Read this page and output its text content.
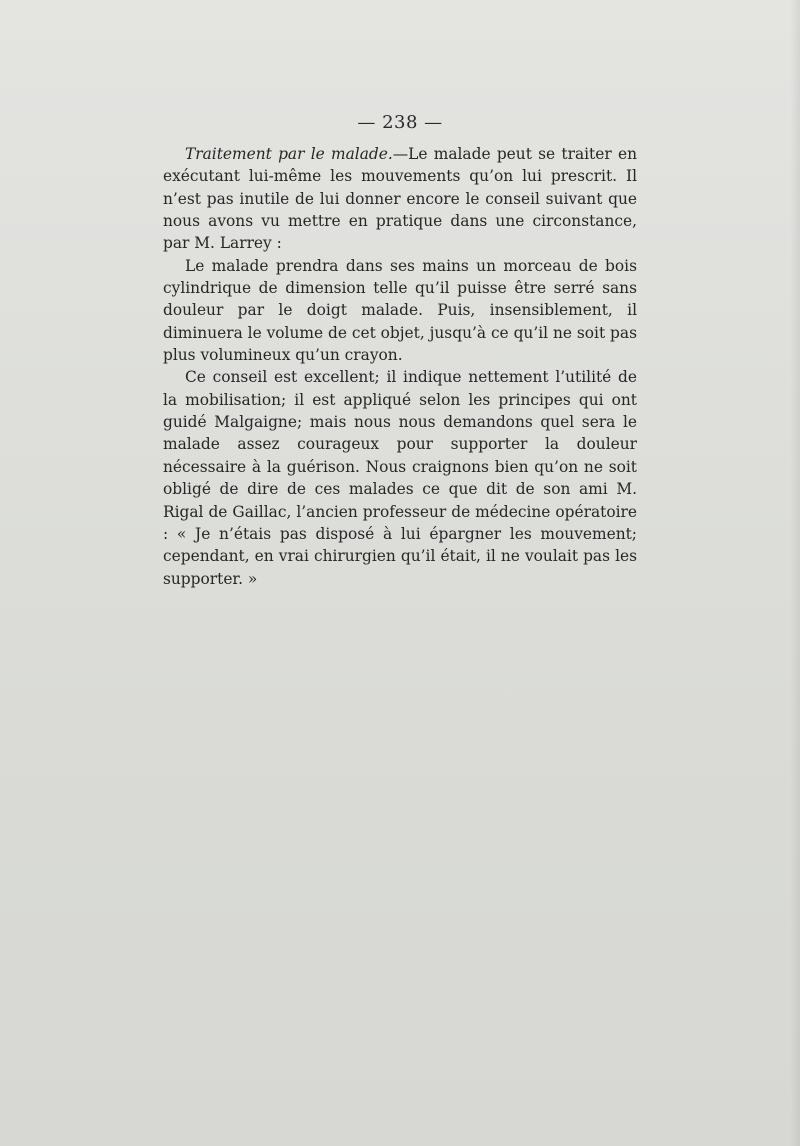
— 238 —

Traitement par le malade.—Le malade peut se traiter en exécutant lui-même les mouvements qu’on lui prescrit. Il n’est pas inutile de lui donner encore le conseil suivant que nous avons vu mettre en pratique dans une circonstance, par M. Larrey :

Le malade prendra dans ses mains un morceau de bois cylindrique de dimension telle qu’il puisse être serré sans douleur par le doigt malade. Puis, insensiblement, il diminuera le volume de cet objet, jusqu’à ce qu’il ne soit pas plus volumineux qu’un crayon.

Ce conseil est excellent; il indique nettement l’utilité de la mobilisation; il est appliqué selon les principes qui ont guidé Malgaigne; mais nous nous demandons quel sera le malade assez courageux pour supporter la douleur nécessaire à la guérison. Nous craignons bien qu’on ne soit obligé de dire de ces malades ce que dit de son ami M. Rigal de Gaillac, l’ancien professeur de médecine opératoire : « Je n’étais pas disposé à lui épargner les mouvement; cependant, en vrai chirurgien qu’il était, il ne voulait pas les supporter. »
